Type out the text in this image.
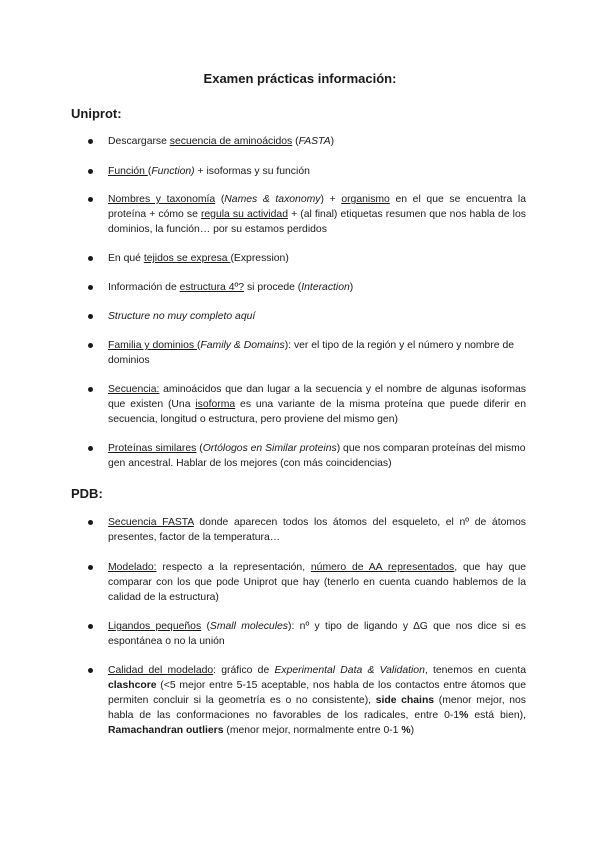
Examen prácticas información:
Uniprot:
Descargarse secuencia de aminoácidos (FASTA)
Función (Function) + isoformas y su función
Nombres y taxonomía (Names & taxonomy) + organismo en el que se encuentra la proteína + cómo se regula su actividad + (al final) etiquetas resumen que nos habla de los dominios, la función… por su estamos perdidos
En qué tejidos se expresa (Expression)
Información de estructura 4º? si procede (Interaction)
Structure no muy completo aquí
Familia y dominios (Family & Domains): ver el tipo de la región y el número y nombre de dominios
Secuencia: aminoácidos que dan lugar a la secuencia y el nombre de algunas isoformas que existen (Una isoforma es una variante de la misma proteína que puede diferir en secuencia, longitud o estructura, pero proviene del mismo gen)
Proteínas similares (Ortólogos en Similar proteins) que nos comparan proteínas del mismo gen ancestral. Hablar de los mejores (con más coincidencias)
PDB:
Secuencia FASTA donde aparecen todos los átomos del esqueleto, el nº de átomos presentes, factor de la temperatura…
Modelado: respecto a la representación, número de AA representados, que hay que comparar con los que pode Uniprot que hay (tenerlo en cuenta cuando hablemos de la calidad de la estructura)
Ligandos pequeños (Small molecules): nº y tipo de ligando y ∆G que nos dice si es espontánea o no la unión
Calidad del modelado: gráfico de Experimental Data & Validation, tenemos en cuenta clashcore (<5 mejor entre 5-15 aceptable, nos habla de los contactos entre átomos que permiten concluir si la geometría es o no consistente), side chains (menor mejor, nos habla de las conformaciones no favorables de los radicales, entre 0-1% está bien), Ramachandran outliers (menor mejor, normalmente entre 0-1 %)
